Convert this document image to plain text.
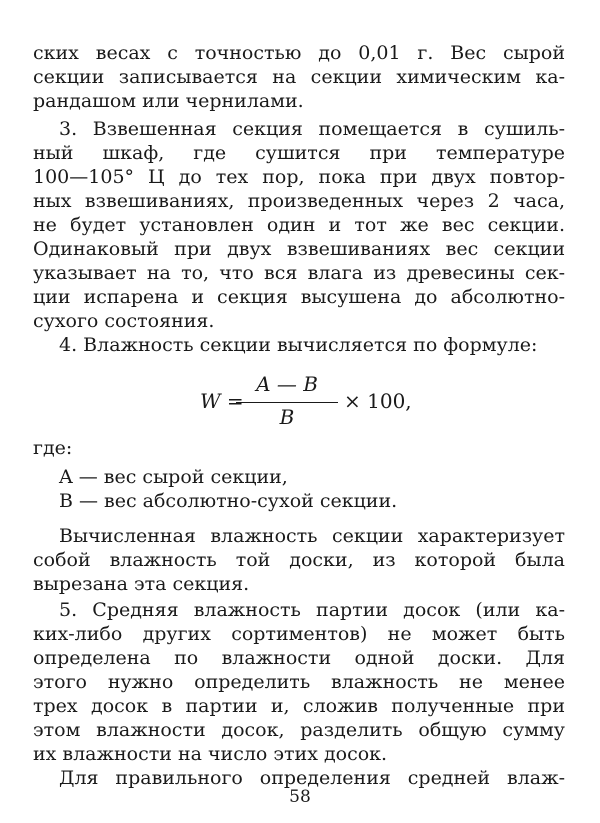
ских весах с точностью до 0,01 г. Вес сырой
секции записывается на секции химическим ка-
рандашом или чернилами.
3. Взвешенная секция помещается в сушиль-
ный шкаф, где сушится при температуре
100—105° Ц до тех пор, пока при двух повтор-
ных взвешиваниях, произведенных через 2 часа,
не будет установлен один и тот же вес секции.
Одинаковый при двух взвешиваниях вес секции
указывает на то, что вся влага из древесины сек-
ции испарена и секция высушена до абсолютно-
сухого состояния.
4. Влажность секции вычисляется по формуле:
W =
A — B
B
× 100,
где:
A — вес сырой секции,
B — вес абсолютно-сухой секции.
Вычисленная влажность секции характеризует
собой влажность той доски, из которой была
вырезана эта секция.
5. Средняя влажность партии досок (или ка-
ких-либо других сортиментов) не может быть
определена по влажности одной доски. Для
этого нужно определить влажность не менее
трех досок в партии и, сложив полученные при
этом влажности досок, разделить общую сумму
их влажности на число этих досок.
Для правильного определения средней влаж-
58
